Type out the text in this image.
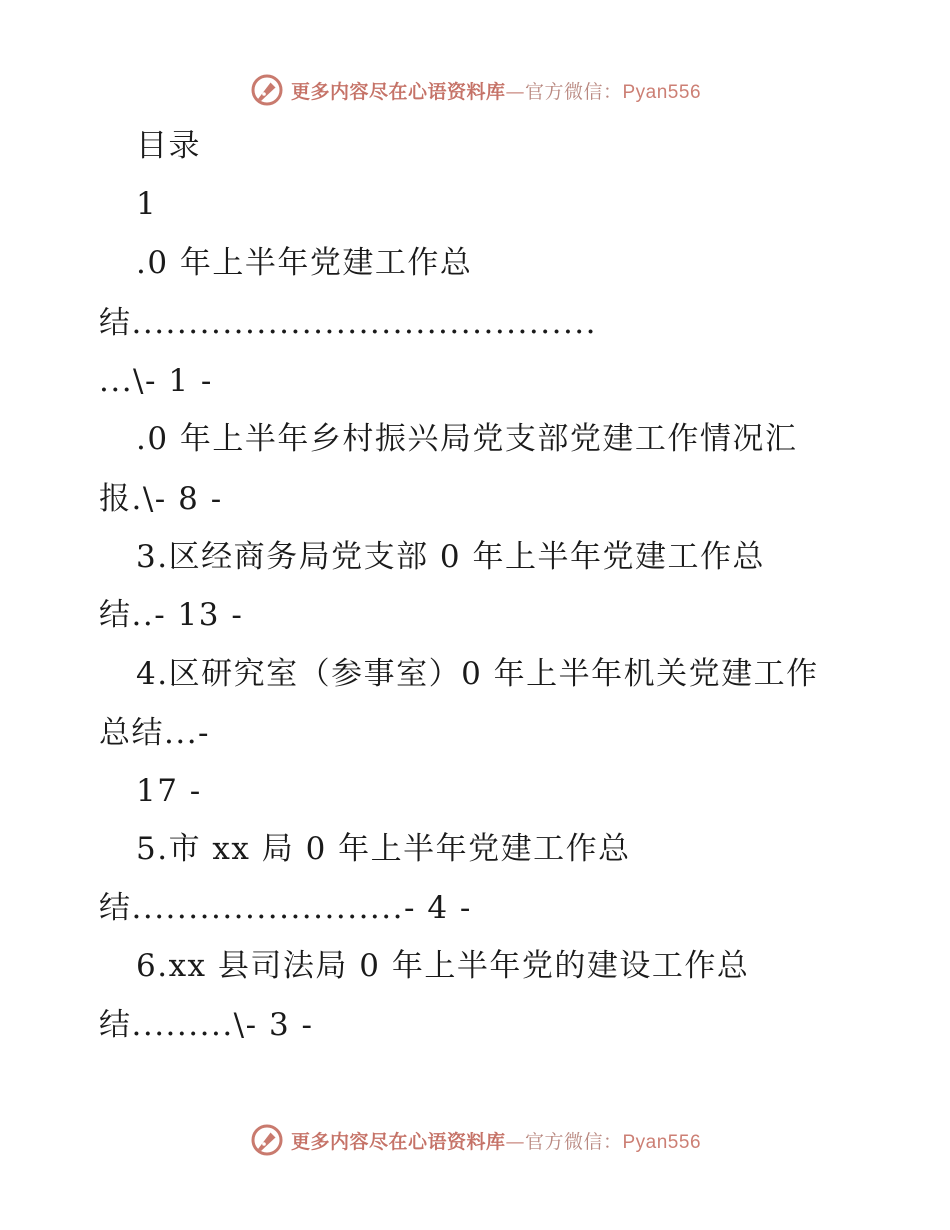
更多内容尽在心语资料库—官方微信：Pyan556
目录
1
.0 年上半年党建工作总
结.........................................
...\- 1 -
.0 年上半年乡村振兴局党支部党建工作情况汇
报.\- 8 -
3.区经商务局党支部 0 年上半年党建工作总
结..- 13 -
4.区研究室（参事室）0 年上半年机关党建工作
总结...-
17 -
5.市 xx 局 0 年上半年党建工作总
结........................- 4 -
6.xx 县司法局 0 年上半年党的建设工作总
结.........\- 3 -
更多内容尽在心语资料库—官方微信：Pyan556
